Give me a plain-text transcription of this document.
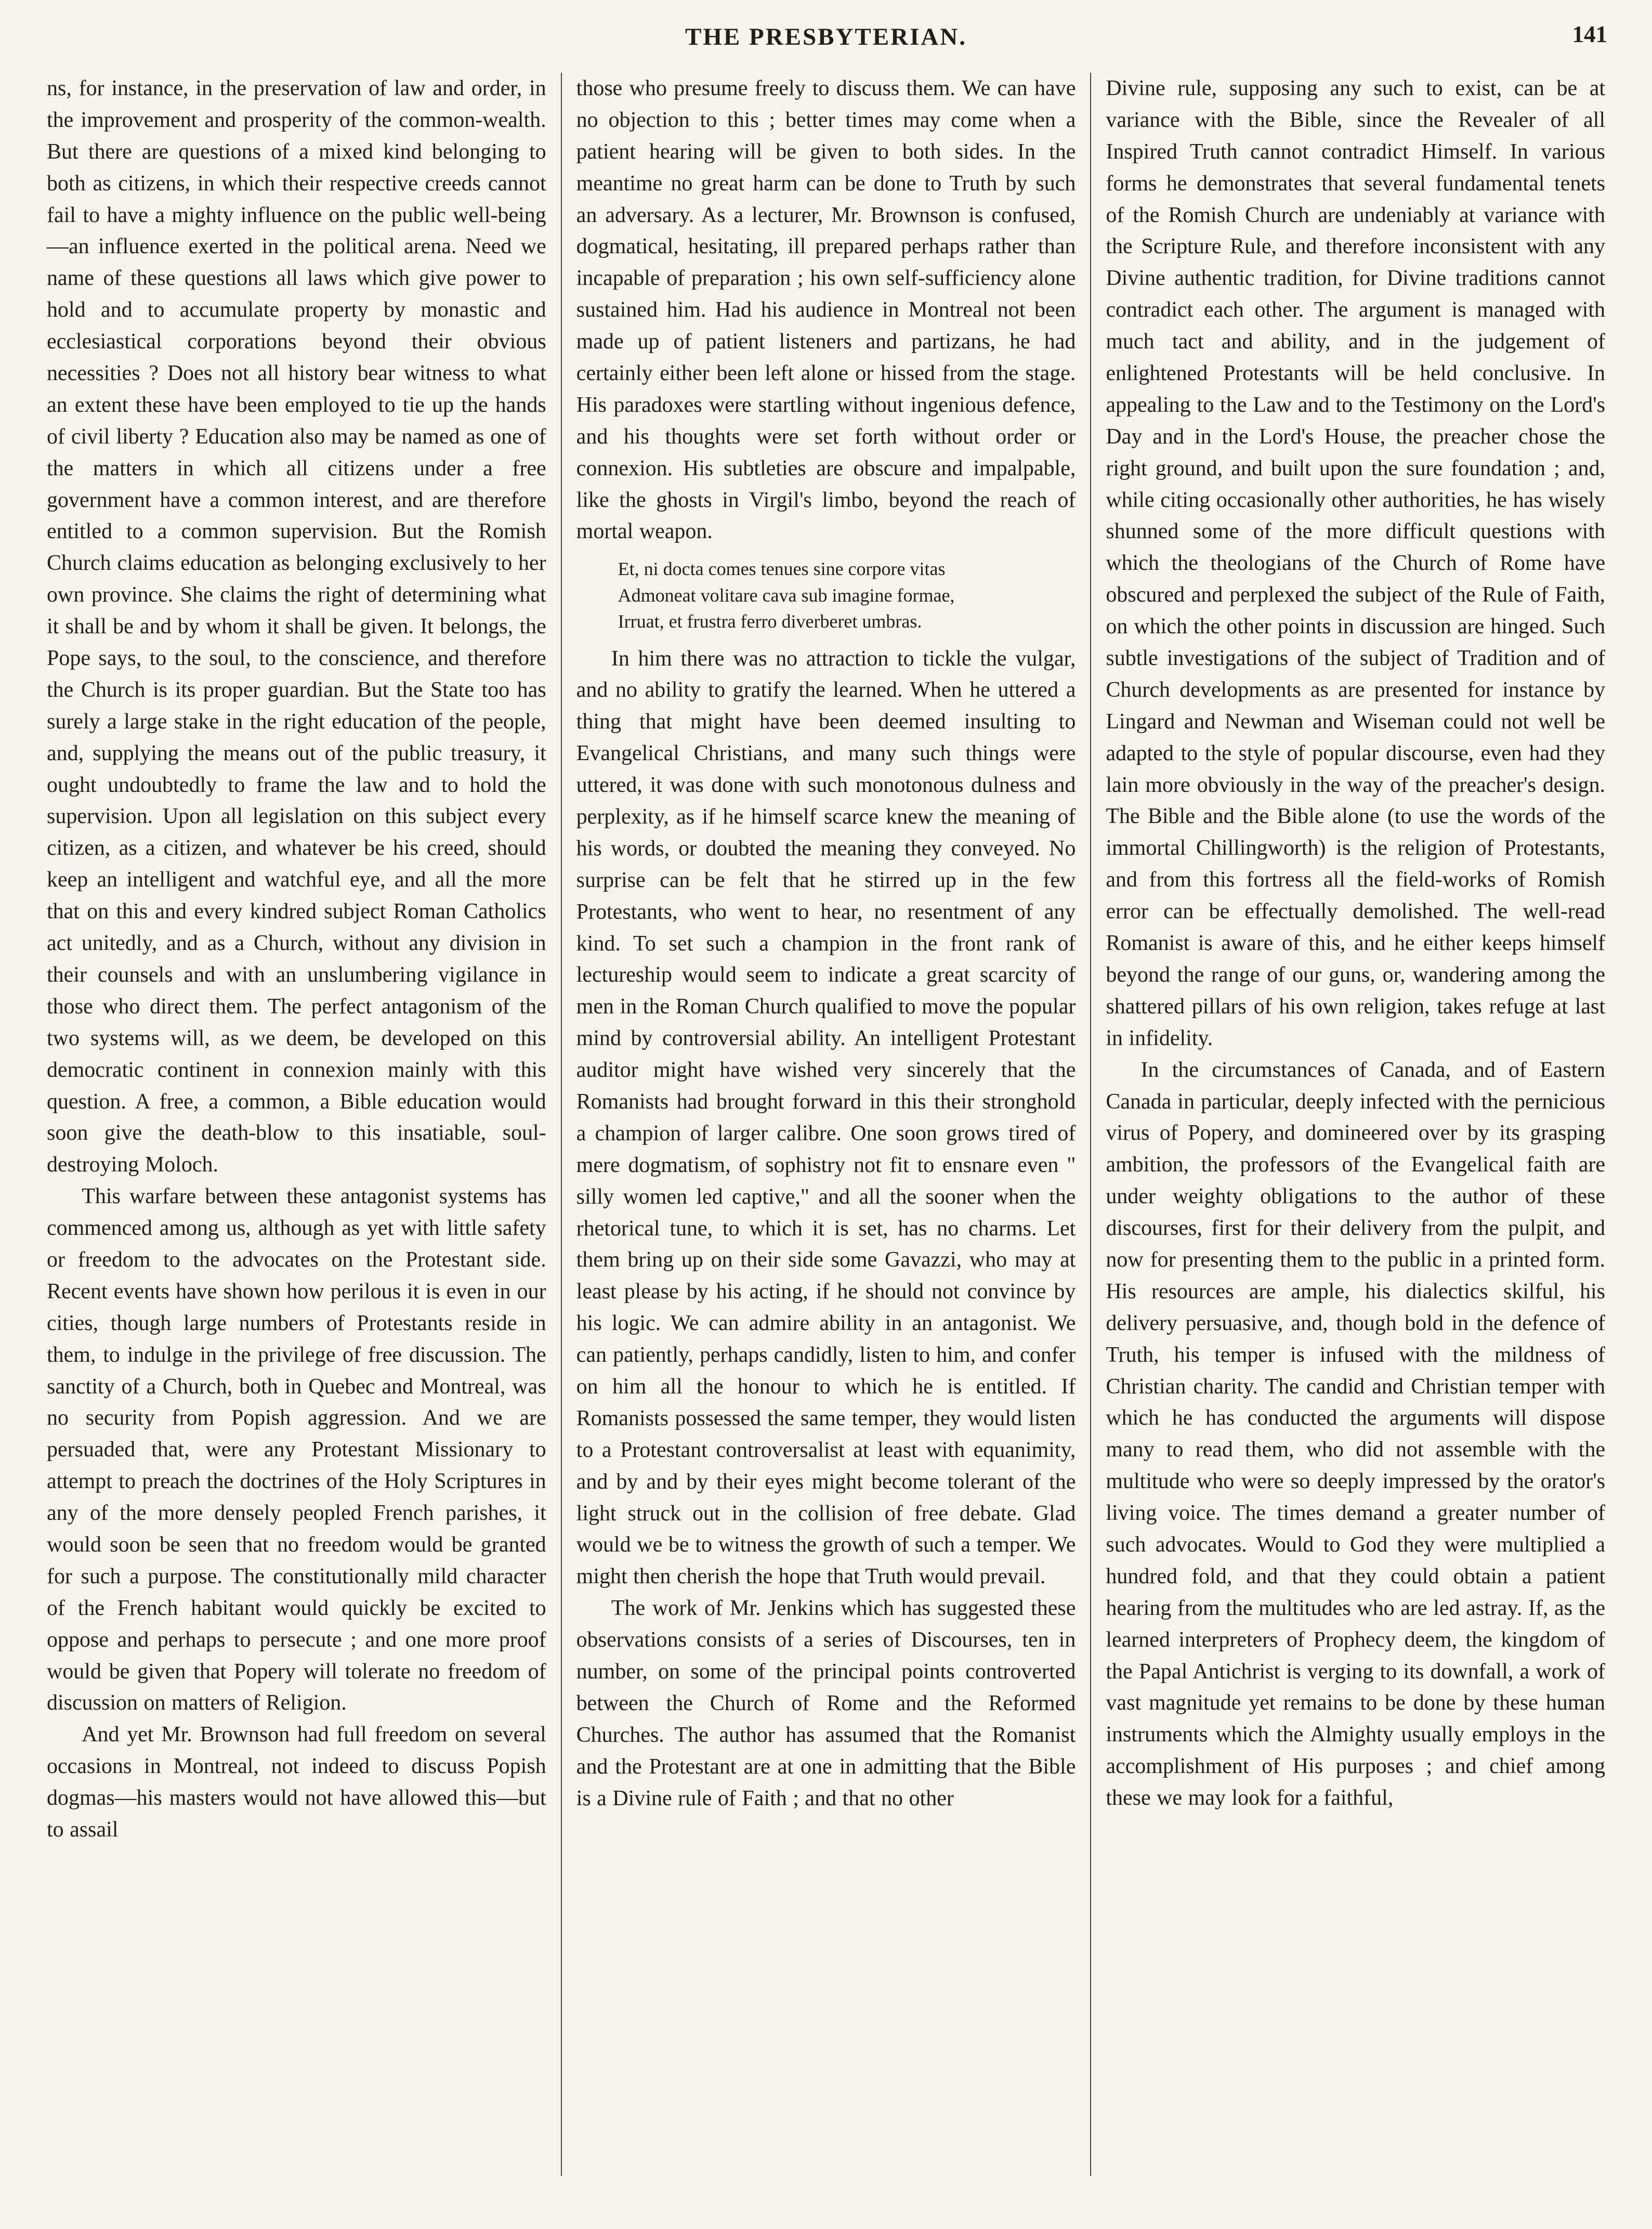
THE PRESBYTERIAN.	141

ns, for instance, in the preservation of law and order, in the improvement and prosperity of the common-wealth. But there are questions of a mixed kind belonging to both as citizens, in which their respective creeds cannot fail to have a mighty influence on the public well-being—an influence exerted in the political arena. Need we name of these questions all laws which give power to hold and to accumulate property by monastic and ecclesiastical corporations beyond their obvious necessities ? Does not all history bear witness to what an extent these have been employed to tie up the hands of civil liberty ? Education also may be named as one of the matters in which all citizens under a free government have a common interest, and are therefore entitled to a common supervision. But the Romish Church claims education as belonging exclusively to her own province. She claims the right of determining what it shall be and by whom it shall be given. It belongs, the Pope says, to the soul, to the conscience, and therefore the Church is its proper guardian. But the State too has surely a large stake in the right education of the people, and, supplying the means out of the public treasury, it ought undoubtedly to frame the law and to hold the supervision. Upon all legislation on this subject every citizen, as a citizen, and whatever be his creed, should keep an intelligent and watchful eye, and all the more that on this and every kindred subject Roman Catholics act unitedly, and as a Church, without any division in their counsels and with an unslumbering vigilance in those who direct them. The perfect antagonism of the two systems will, as we deem, be developed on this democratic continent in connexion mainly with this question. A free, a common, a Bible education would soon give the death-blow to this insatiable, soul-destroying Moloch.

This warfare between these antagonist systems has commenced among us, although as yet with little safety or freedom to the advocates on the Protestant side. Recent events have shown how perilous it is even in our cities, though large numbers of Protestants reside in them, to indulge in the privilege of free discussion. The sanctity of a Church, both in Quebec and Montreal, was no security from Popish aggression. And we are persuaded that, were any Protestant Missionary to attempt to preach the doctrines of the Holy Scriptures in any of the more densely peopled French parishes, it would soon be seen that no freedom would be granted for such a purpose. The constitutionally mild character of the French habitant would quickly be excited to oppose and perhaps to persecute ; and one more proof would be given that Popery will tolerate no freedom of discussion on matters of Religion.

And yet Mr. Brownson had full freedom on several occasions in Montreal, not indeed to discuss Popish dogmas—his masters would not have allowed this—but to assail

those who presume freely to discuss them. We can have no objection to this ; better times may come when a patient hearing will be given to both sides. In the meantime no great harm can be done to Truth by such an adversary. As a lecturer, Mr. Brownson is confused, dogmatical, hesitating, ill prepared perhaps rather than incapable of preparation ; his own self-sufficiency alone sustained him. Had his audience in Montreal not been made up of patient listeners and partizans, he had certainly either been left alone or hissed from the stage. His paradoxes were startling without ingenious defence, and his thoughts were set forth without order or connexion. His subtleties are obscure and impalpable, like the ghosts in Virgil's limbo, beyond the reach of mortal weapon.

Et, ni docta comes tenues sine corpore vitas
Admoneat volitare cava sub imagine formae,
Irruat, et frustra ferro diverberet umbras.

In him there was no attraction to tickle the vulgar, and no ability to gratify the learned. When he uttered a thing that might have been deemed insulting to Evangelical Christians, and many such things were uttered, it was done with such monotonous dulness and perplexity, as if he himself scarce knew the meaning of his words, or doubted the meaning they conveyed. No surprise can be felt that he stirred up in the few Protestants, who went to hear, no resentment of any kind. To set such a champion in the front rank of lectureship would seem to indicate a great scarcity of men in the Roman Church qualified to move the popular mind by controversial ability. An intelligent Protestant auditor might have wished very sincerely that the Romanists had brought forward in this their stronghold a champion of larger calibre. One soon grows tired of mere dogmatism, of sophistry not fit to ensnare even " silly women led captive," and all the sooner when the rhetorical tune, to which it is set, has no charms. Let them bring up on their side some Gavazzi, who may at least please by his acting, if he should not convince by his logic. We can admire ability in an antagonist. We can patiently, perhaps candidly, listen to him, and confer on him all the honour to which he is entitled. If Romanists possessed the same temper, they would listen to a Protestant controversalist at least with equanimity, and by and by their eyes might become tolerant of the light struck out in the collision of free debate. Glad would we be to witness the growth of such a temper. We might then cherish the hope that Truth would prevail.

The work of Mr. Jenkins which has suggested these observations consists of a series of Discourses, ten in number, on some of the principal points controverted between the Church of Rome and the Reformed Churches. The author has assumed that the Romanist and the Protestant are at one in admitting that the Bible is a Divine rule of Faith ; and that no other

Divine rule, supposing any such to exist, can be at variance with the Bible, since the Revealer of all Inspired Truth cannot contradict Himself. In various forms he demonstrates that several fundamental tenets of the Romish Church are undeniably at variance with the Scripture Rule, and therefore inconsistent with any Divine authentic tradition, for Divine traditions cannot contradict each other. The argument is managed with much tact and ability, and in the judgement of enlightened Protestants will be held conclusive. In appealing to the Law and to the Testimony on the Lord's Day and in the Lord's House, the preacher chose the right ground, and built upon the sure foundation ; and, while citing occasionally other authorities, he has wisely shunned some of the more difficult questions with which the theologians of the Church of Rome have obscured and perplexed the subject of the Rule of Faith, on which the other points in discussion are hinged. Such subtle investigations of the subject of Tradition and of Church developments as are presented for instance by Lingard and Newman and Wiseman could not well be adapted to the style of popular discourse, even had they lain more obviously in the way of the preacher's design. The Bible and the Bible alone (to use the words of the immortal Chillingworth) is the religion of Protestants, and from this fortress all the field-works of Romish error can be effectually demolished. The well-read Romanist is aware of this, and he either keeps himself beyond the range of our guns, or, wandering among the shattered pillars of his own religion, takes refuge at last in infidelity.

In the circumstances of Canada, and of Eastern Canada in particular, deeply infected with the pernicious virus of Popery, and domineered over by its grasping ambition, the professors of the Evangelical faith are under weighty obligations to the author of these discourses, first for their delivery from the pulpit, and now for presenting them to the public in a printed form. His resources are ample, his dialectics skilful, his delivery persuasive, and, though bold in the defence of Truth, his temper is infused with the mildness of Christian charity. The candid and Christian temper with which he has conducted the arguments will dispose many to read them, who did not assemble with the multitude who were so deeply impressed by the orator's living voice. The times demand a greater number of such advocates. Would to God they were multiplied a hundred fold, and that they could obtain a patient hearing from the multitudes who are led astray. If, as the learned interpreters of Prophecy deem, the kingdom of the Papal Antichrist is verging to its downfall, a work of vast magnitude yet remains to be done by these human instruments which the Almighty usually employs in the accomplishment of His purposes ; and chief among these we may look for a faithful,
